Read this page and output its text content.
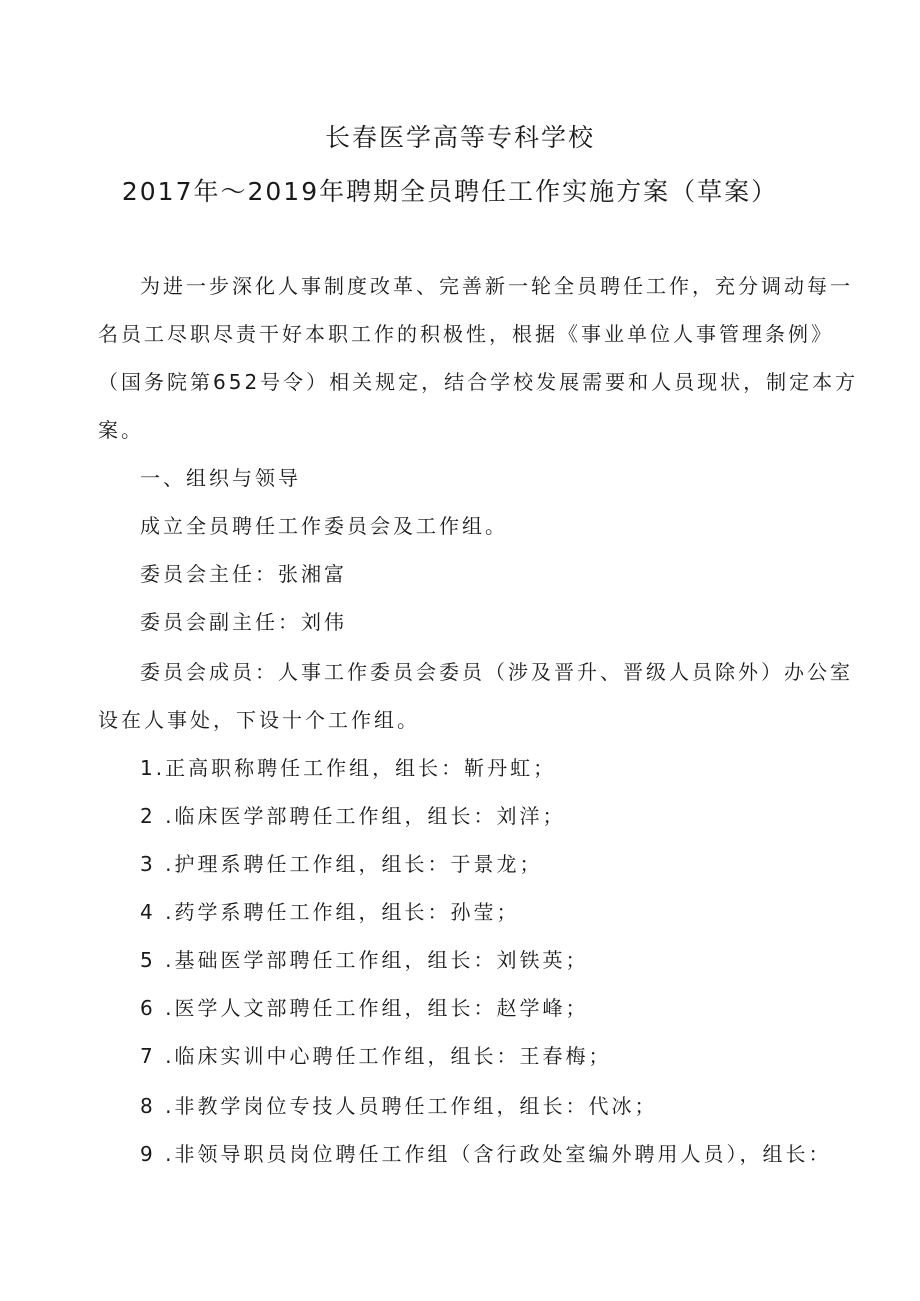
长春医学高等专科学校
2017年～2019年聘期全员聘任工作实施方案（草案）
为进一步深化人事制度改革、完善新一轮全员聘任工作，充分调动每一
名员工尽职尽责干好本职工作的积极性，根据《事业单位人事管理条例》
（国务院第652号令）相关规定，结合学校发展需要和人员现状，制定本方
案。
一、组织与领导
成立全员聘任工作委员会及工作组。
委员会主任：张湘富
委员会副主任：刘伟
委员会成员：人事工作委员会委员（涉及晋升、晋级人员除外）办公室
设在人事处，下设十个工作组。
1.正高职称聘任工作组，组长：靳丹虹；
2 .临床医学部聘任工作组，组长：刘洋；
3 .护理系聘任工作组，组长：于景龙；
4 .药学系聘任工作组，组长：孙莹；
5 .基础医学部聘任工作组，组长：刘铁英；
6 .医学人文部聘任工作组，组长：赵学峰；
7 .临床实训中心聘任工作组，组长：王春梅；
8 .非教学岗位专技人员聘任工作组，组长：代冰；
9 .非领导职员岗位聘任工作组（含行政处室编外聘用人员），组长：
